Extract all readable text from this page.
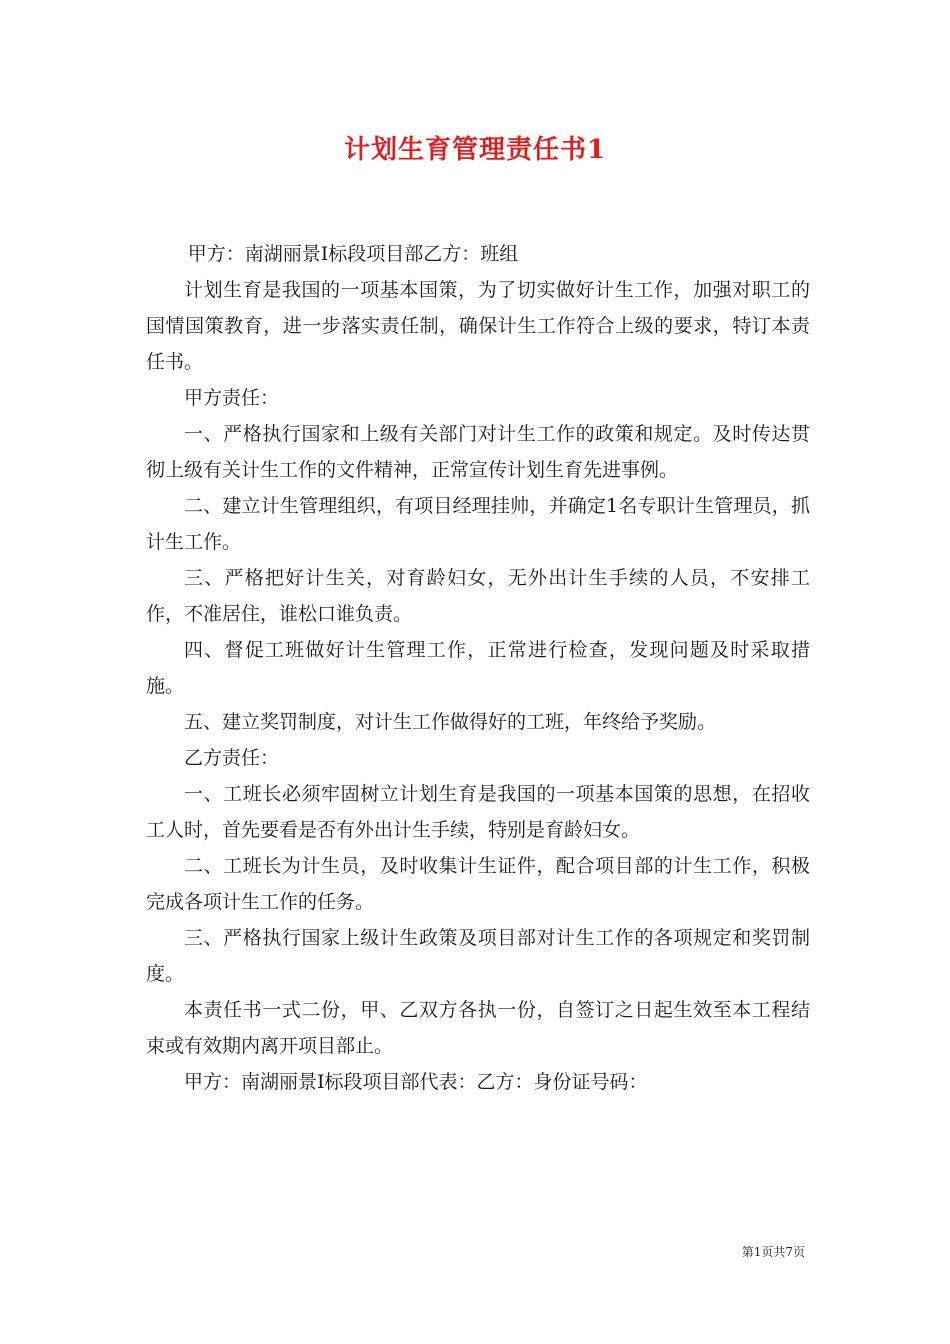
计划生育管理责任书1

甲方：南湖丽景Ⅰ标段项目部乙方：班组

计划生育是我国的一项基本国策，为了切实做好计生工作，加强对职工的国情国策教育，进一步落实责任制，确保计生工作符合上级的要求，特订本责任书。

甲方责任：

一、严格执行国家和上级有关部门对计生工作的政策和规定。及时传达贯彻上级有关计生工作的文件精神，正常宣传计划生育先进事例。

二、建立计生管理组织，有项目经理挂帅，并确定1名专职计生管理员，抓计生工作。

三、严格把好计生关，对育龄妇女，无外出计生手续的人员，不安排工作，不准居住，谁松口谁负责。

四、督促工班做好计生管理工作，正常进行检查，发现问题及时采取措施。

五、建立奖罚制度，对计生工作做得好的工班，年终给予奖励。

乙方责任：

一、工班长必须牢固树立计划生育是我国的一项基本国策的思想，在招收工人时，首先要看是否有外出计生手续，特别是育龄妇女。

二、工班长为计生员，及时收集计生证件，配合项目部的计生工作，积极完成各项计生工作的任务。

三、严格执行国家上级计生政策及项目部对计生工作的各项规定和奖罚制度。

本责任书一式二份，甲、乙双方各执一份，自签订之日起生效至本工程结束或有效期内离开项目部止。

甲方：南湖丽景Ⅰ标段项目部代表：乙方：身份证号码：

第1页共7页
